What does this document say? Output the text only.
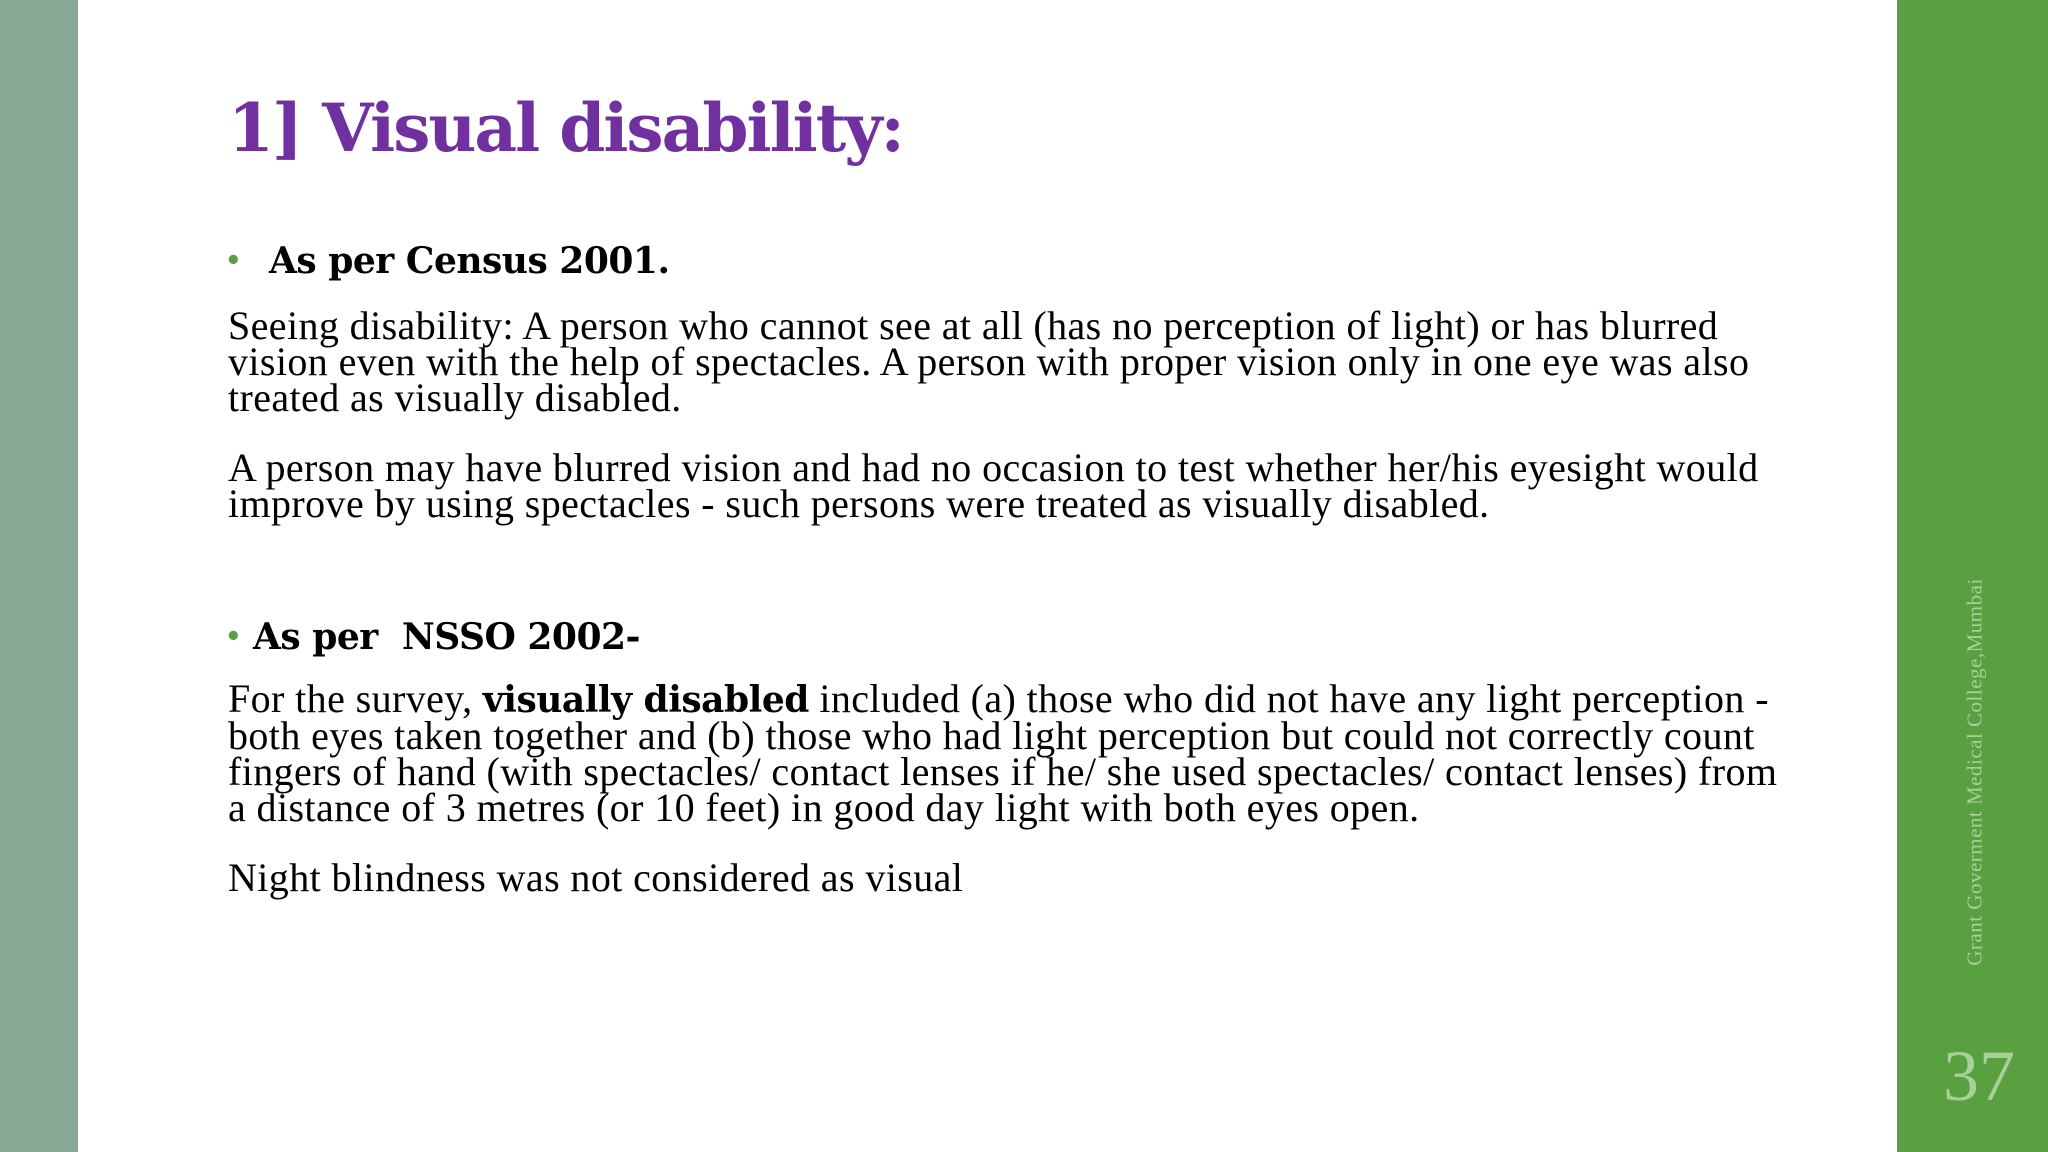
Grant Goverment Medical College,Mumbai
37
1] Visual disability:
• As per Census 2001.

Seeing disability: A person who cannot see at all (has no perception of light) or has blurred vision even with the help of spectacles. A person with proper vision only in one eye was also treated as visually disabled.

A person may have blurred vision and had no occasion to test whether her/his eyesight would improve by using spectacles - such persons were treated as visually disabled.

• As per  NSSO 2002-

For the survey, visually disabled included (a) those who did not have any light perception - both eyes taken together and (b) those who had light perception but could not correctly count fingers of hand (with spectacles/ contact lenses if he/ she used spectacles/ contact lenses) from a distance of 3 metres (or 10 feet) in good day light with both eyes open.

Night blindness was not considered as visual
